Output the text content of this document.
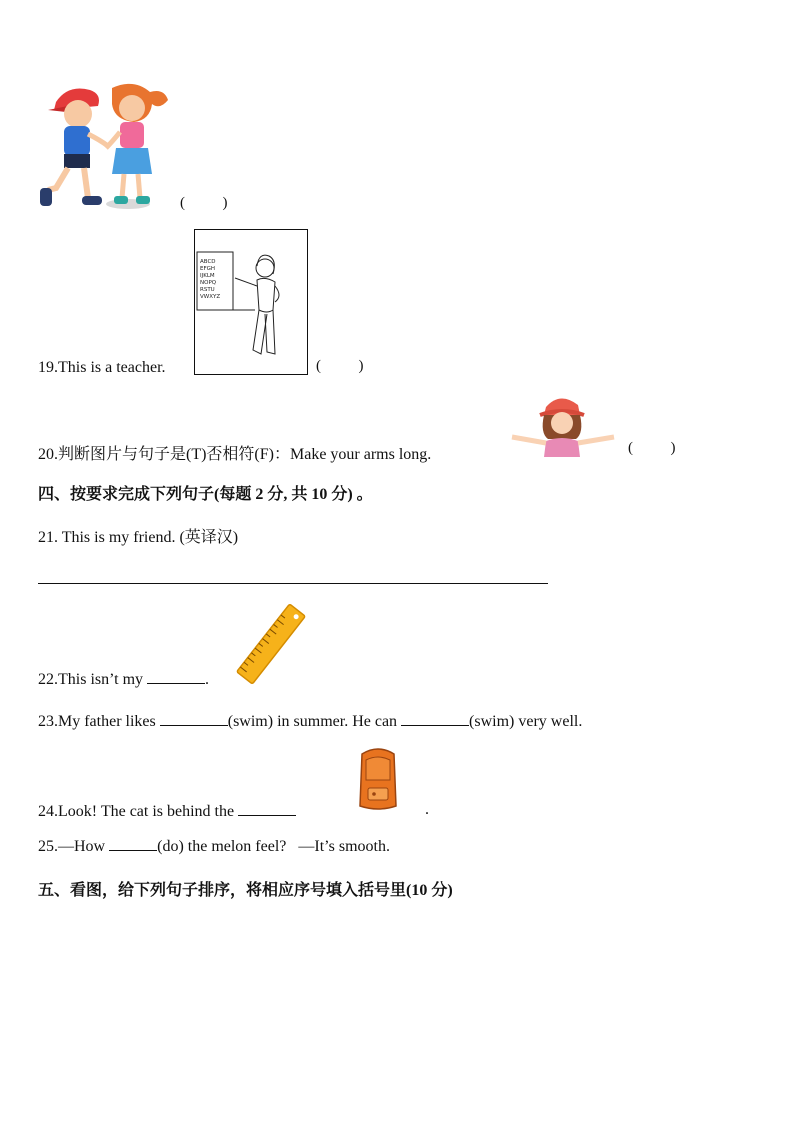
(          )
19.This is a teacher.
ABCD
EFGH
IJKLM
NOPQ
RSTU
VWXYZ
(          )
20.判断图片与句子是(T)否相符(F)：Make your arms long.	(          )
四、按要求完成下列句子(每题 2 分, 共 10 分) 。
21. This is my friend. (英译汉)
22.This isn’t my	.
23.My father likes	(swim) in summer. He can	(swim) very well.
24.Look! The cat is behind the	.
25.—How	(do) the melon feel? —It’s smooth.
五、看图，给下列句子排序，将相应序号填入括号里(10 分)
